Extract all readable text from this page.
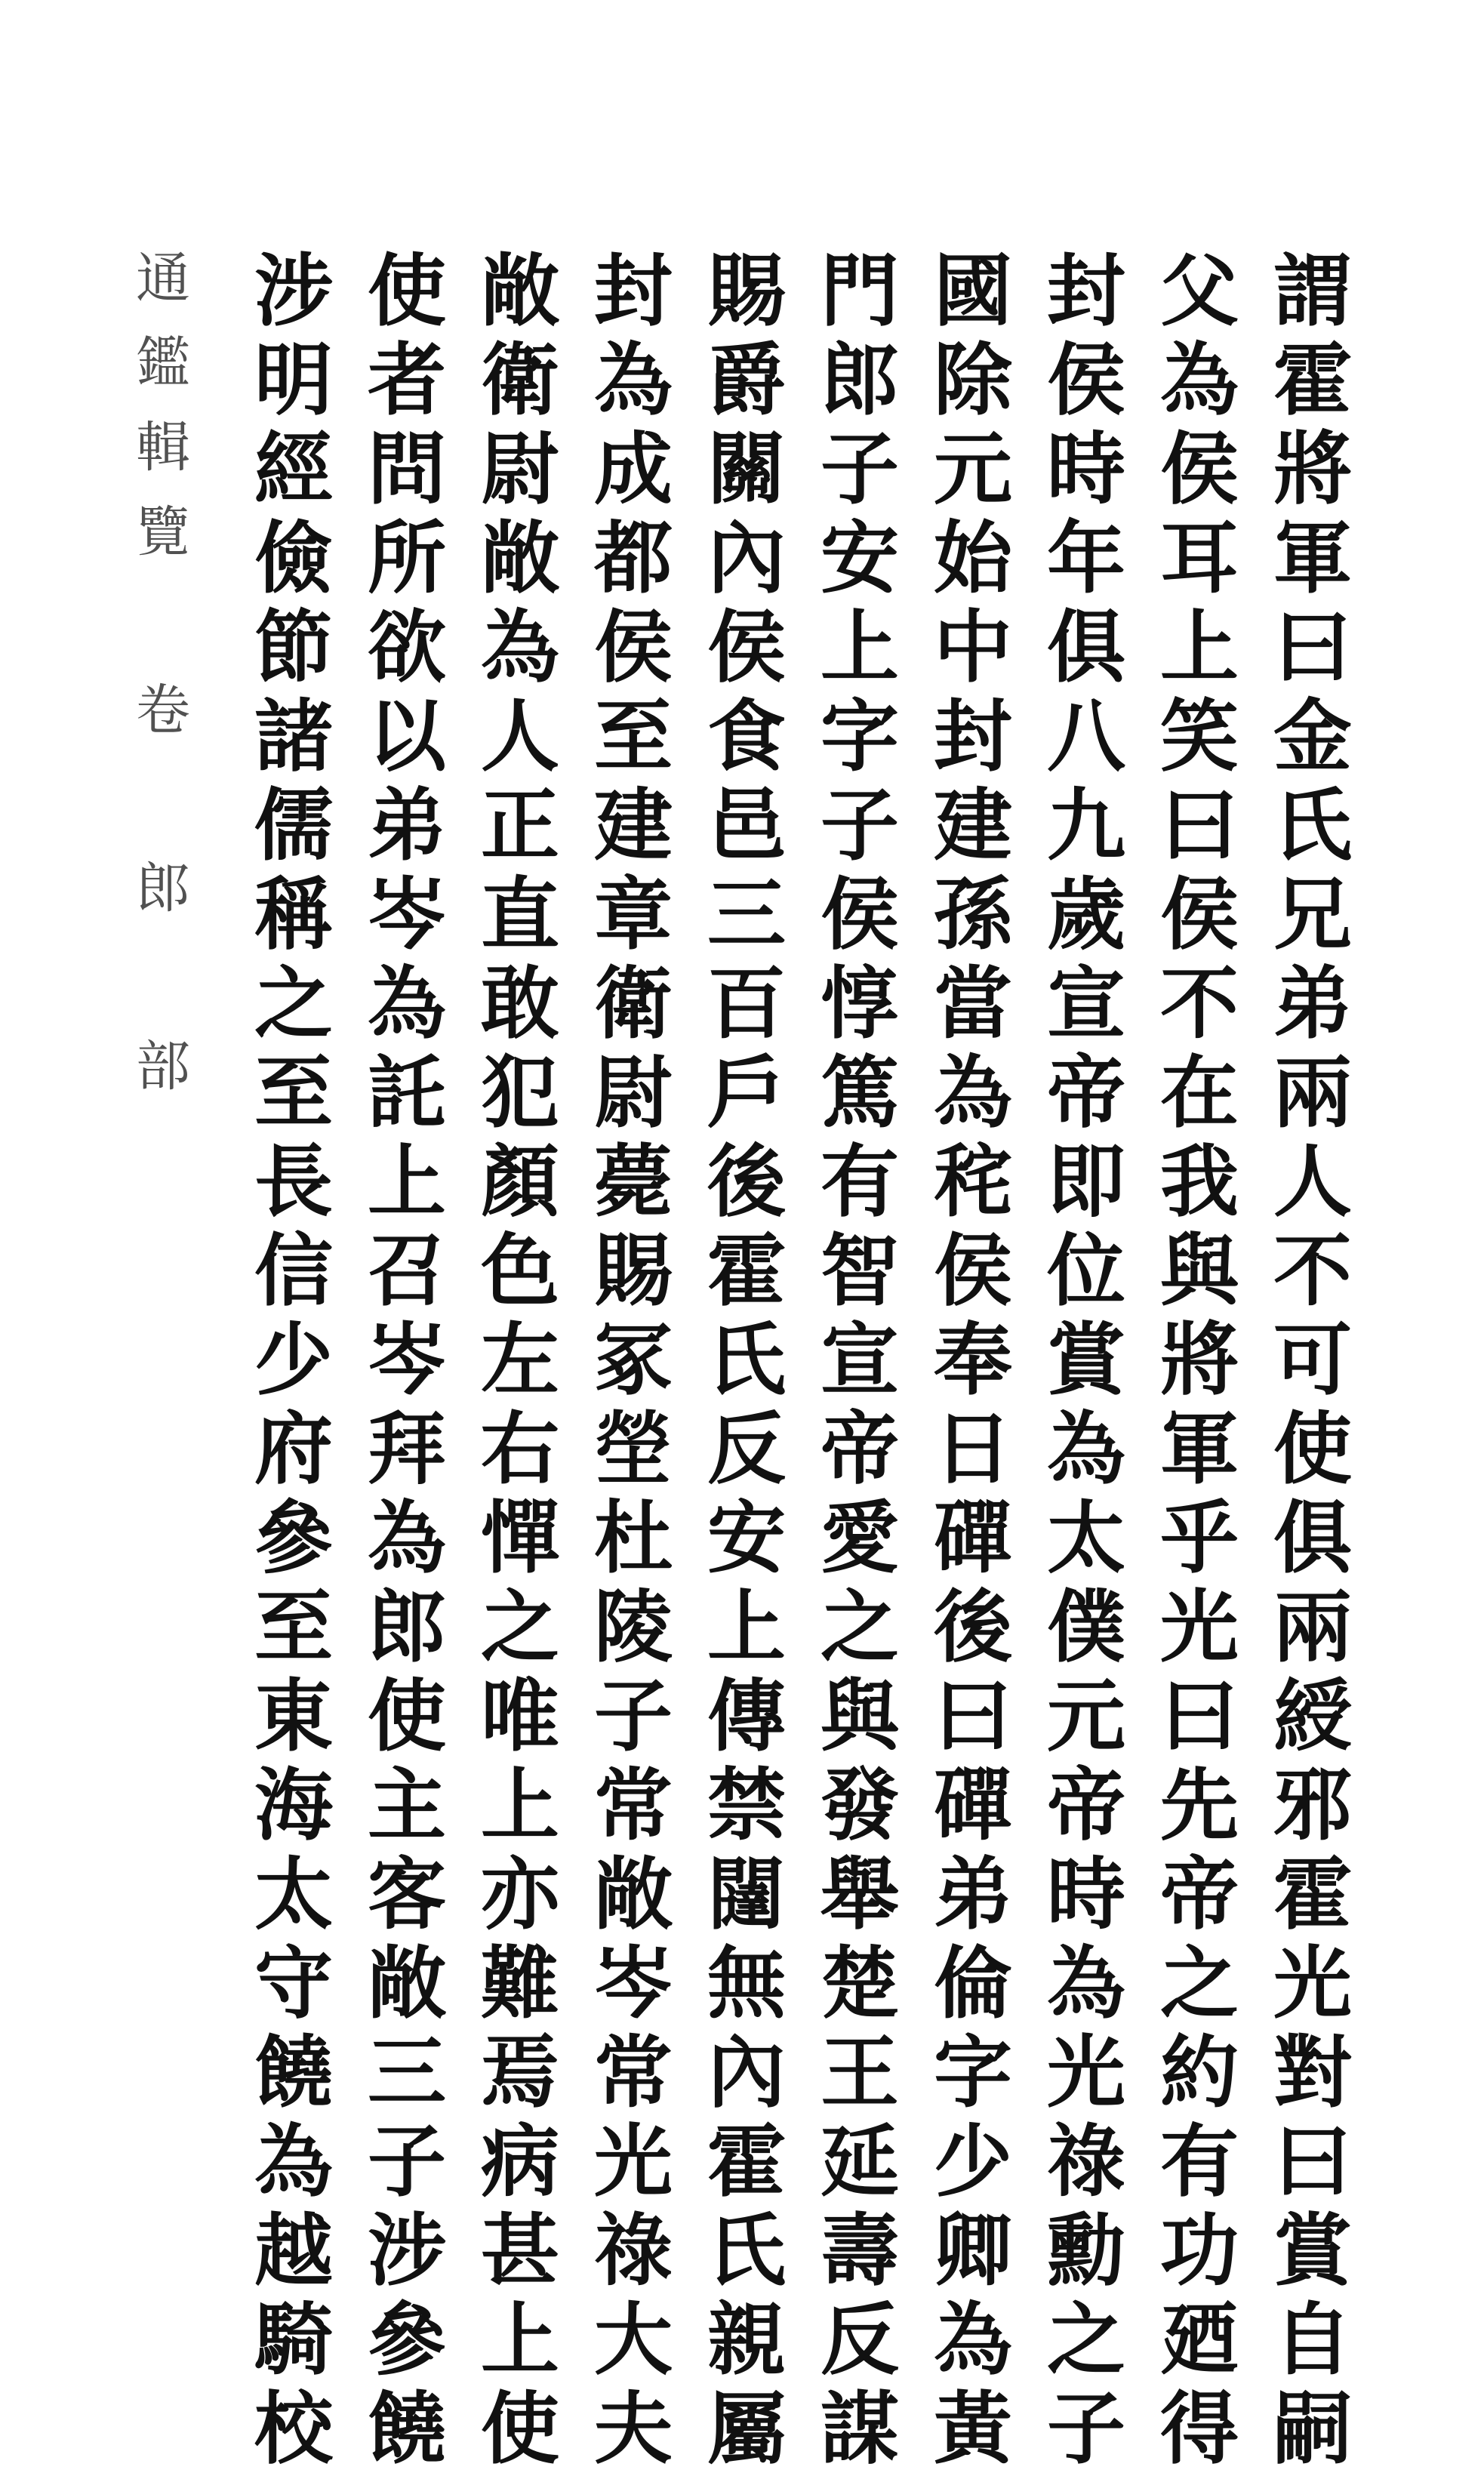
謂霍將軍曰金氏兄弟兩人不可使俱兩綬邪霍光對曰賞自嗣
父為侯耳上笑曰侯不在我與將軍乎光曰先帝之約有功廼得
封侯時年俱八九歲宣帝即位賞為太僕元帝時為光祿勳之子
國除元始中封建孫當為秺侯奉日磾後曰磾弟倫字少卿為黃
門郎子安上字子侯惇篤有智宣帝愛之與發舉楚王延壽反謀
賜爵關內侯食邑三百戶後霍氏反安上傳禁闥無內霍氏親屬
封為成都侯至建章衛尉薨賜冢塋杜陵子常敞岑常光祿大夫
敞衛尉敞為人正直敢犯顏色左右憚之唯上亦難焉病甚上使
使者問所欲以弟岑為託上召岑拜為郎使主客敞三子涉參饒
涉明經儉節諸儒稱之至長信少府參至東海太守饒為越騎校
通鑑輯覽 卷 郎 部
